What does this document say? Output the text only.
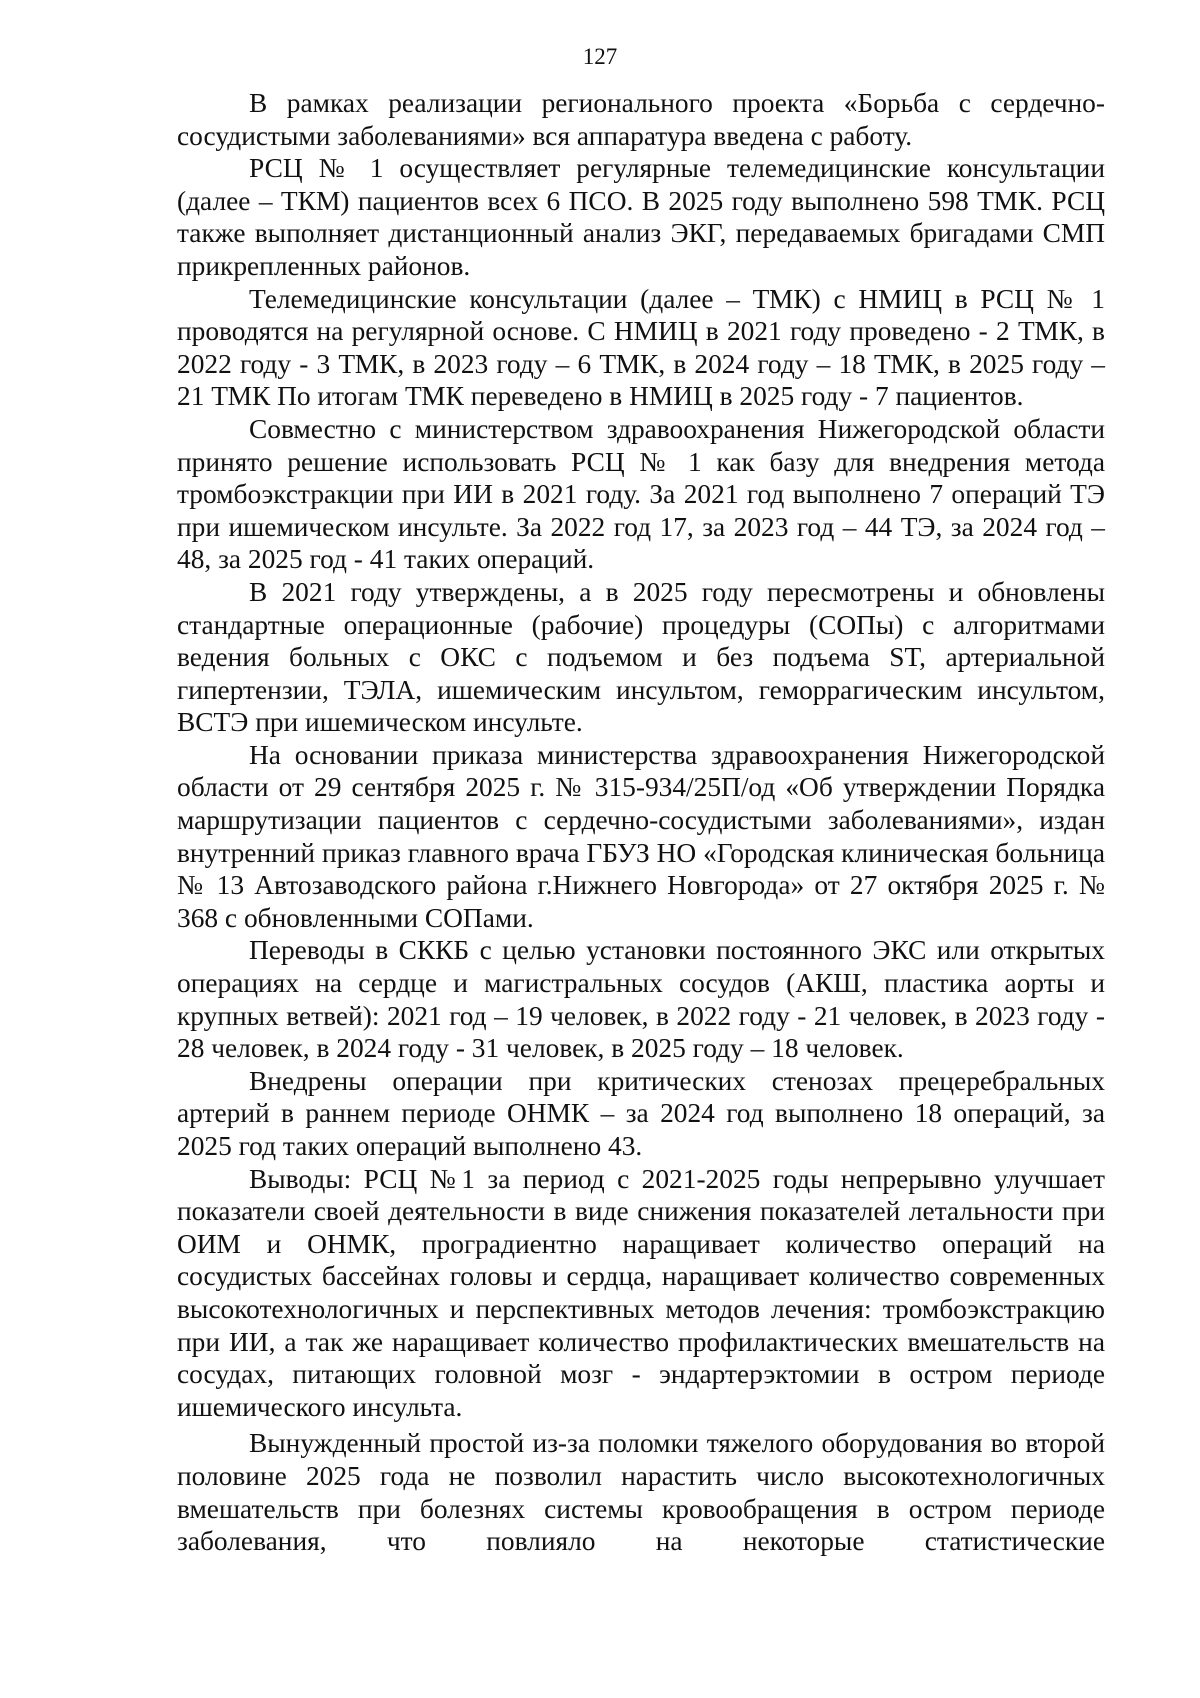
127

В рамках реализации регионального проекта «Борьба с сердечно-сосудистыми заболеваниями» вся аппаратура введена с работу.

РСЦ № 1 осуществляет регулярные телемедицинские консультации (далее – ТКМ) пациентов всех 6 ПСО. В 2025 году выполнено 598 ТМК. РСЦ также выполняет дистанционный анализ ЭКГ, передаваемых бригадами СМП прикрепленных районов.

Телемедицинские консультации (далее – ТМК) с НМИЦ в РСЦ № 1 проводятся на регулярной основе. С НМИЦ в 2021 году проведено - 2 ТМК, в 2022 году - 3 ТМК, в 2023 году – 6 ТМК, в 2024 году – 18 ТМК, в 2025 году – 21 ТМК По итогам ТМК переведено в НМИЦ в 2025 году - 7 пациентов.

Совместно с министерством здравоохранения Нижегородской области принято решение использовать РСЦ № 1 как базу для внедрения метода тромбоэкстракции при ИИ в 2021 году. За 2021 год выполнено 7 операций ТЭ при ишемическом инсульте. За 2022 год 17, за 2023 год – 44 ТЭ, за 2024 год – 48, за 2025 год - 41 таких операций.

В 2021 году утверждены, а в 2025 году пересмотрены и обновлены стандартные операционные (рабочие) процедуры (СОПы) с алгоритмами ведения больных с ОКС с подъемом и без подъема ST, артериальной гипертензии, ТЭЛА, ишемическим инсультом, геморрагическим инсультом, ВСТЭ при ишемическом инсульте.

На основании приказа министерства здравоохранения Нижегородской области от 29 сентября 2025 г. № 315-934/25П/од «Об утверждении Порядка маршрутизации пациентов с сердечно-сосудистыми заболеваниями», издан внутренний приказ главного врача ГБУЗ НО «Городская клиническая больница № 13 Автозаводского района г.Нижнего Новгорода» от 27 октября 2025 г. № 368 с обновленными СОПами.

Переводы в СККБ с целью установки постоянного ЭКС или открытых операциях на сердце и магистральных сосудов (АКШ, пластика аорты и крупных ветвей): 2021 год – 19 человек, в 2022 году - 21 человек, в 2023 году - 28 человек, в 2024 году - 31 человек, в 2025 году – 18 человек.

Внедрены операции при критических стенозах прецеребральных артерий в раннем периоде ОНМК – за 2024 год выполнено 18 операций, за 2025 год таких операций выполнено 43.

Выводы: РСЦ №1 за период с 2021-2025 годы непрерывно улучшает показатели своей деятельности в виде снижения показателей летальности при ОИМ и ОНМК, проградиентно наращивает количество операций на сосудистых бассейнах головы и сердца, наращивает количество современных высокотехнологичных и перспективных методов лечения: тромбоэкстракцию при ИИ, а так же наращивает количество профилактических вмешательств на сосудах, питающих головной мозг - эндартерэктомии в остром периоде ишемического инсульта.

Вынужденный простой из-за поломки тяжелого оборудования во второй половине 2025 года не позволил нарастить число высокотехнологичных вмешательств при болезнях системы кровообращения в остром периоде заболевания, что повлияло на некоторые статистические
